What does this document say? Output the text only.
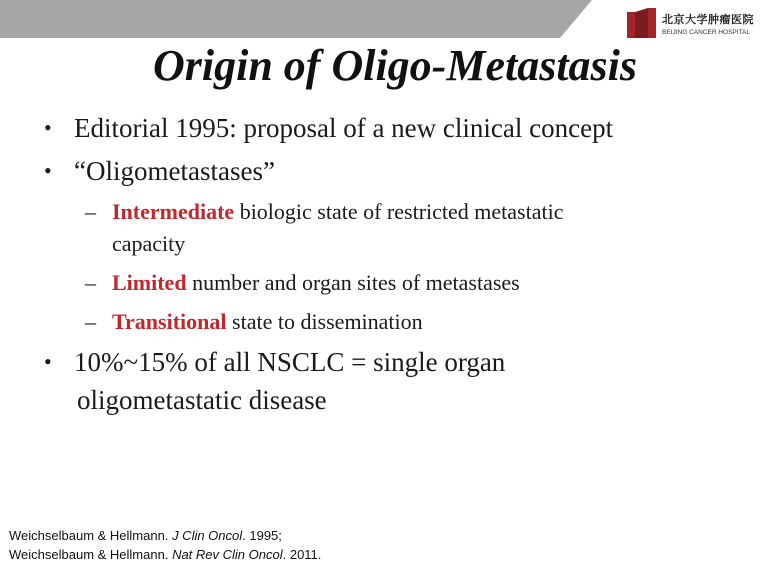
北京大学肿瘤医院
BEIJING CANCER HOSPITAL
Origin of Oligo-Metastasis
• Editorial 1995: proposal of a new clinical concept
• “Oligometastases”
– Intermediate biologic state of restricted metastatic
capacity
– Limited number and organ sites of metastases
– Transitional state to dissemination
• 10%~15% of all NSCLC = single organ
oligometastatic disease
Weichselbaum & Hellmann. J Clin Oncol. 1995;
Weichselbaum & Hellmann. Nat Rev Clin Oncol. 2011.
